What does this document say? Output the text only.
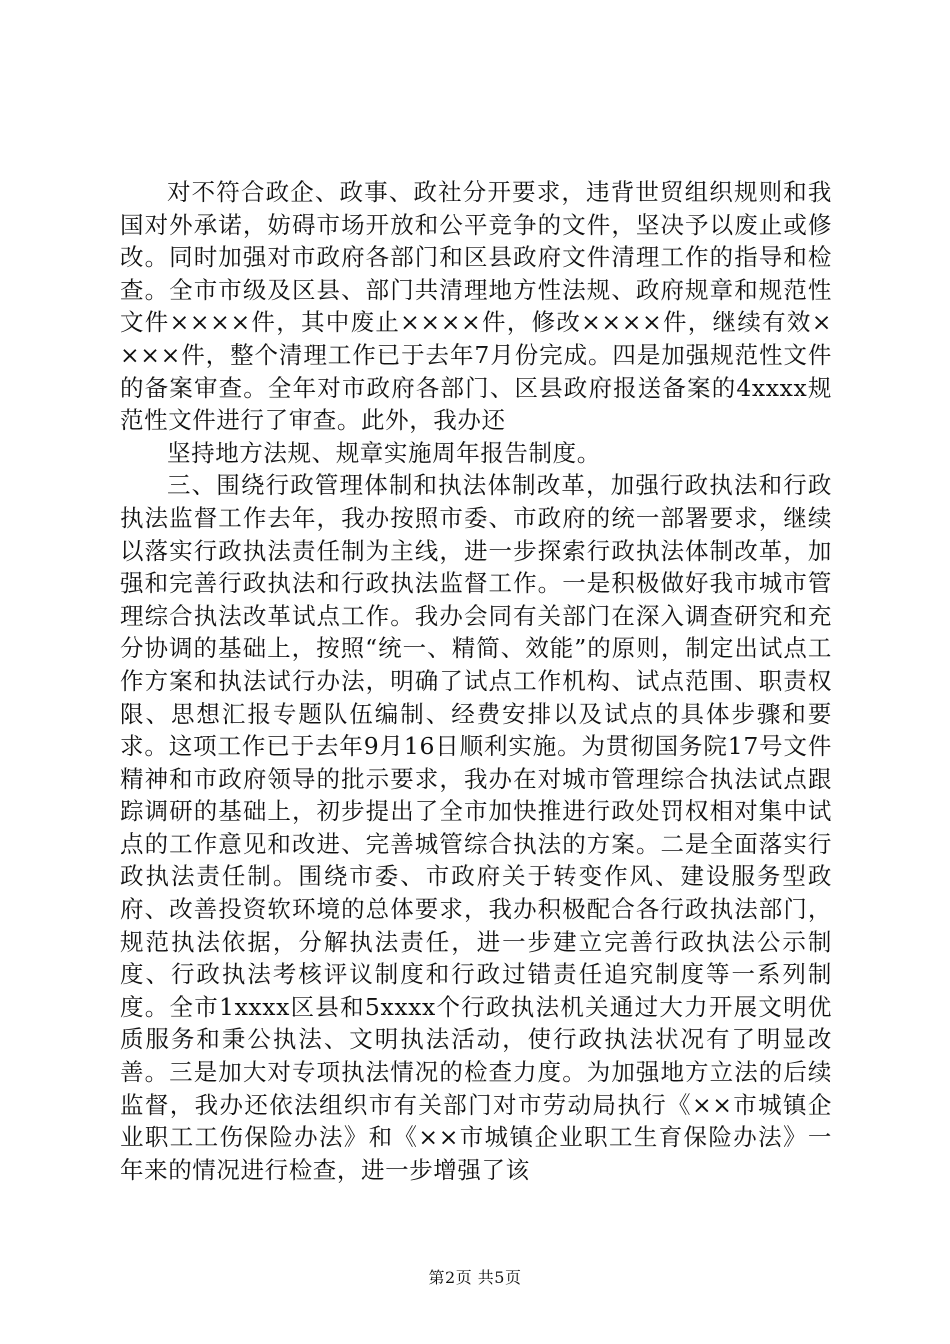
对不符合政企、政事、政社分开要求，违背世贸组织规则和我国对外承诺，妨碍市场开放和公平竞争的文件，坚决予以废止或修改。同时加强对市政府各部门和区县政府文件清理工作的指导和检查。全市市级及区县、部门共清理地方性法规、政府规章和规范性文件××××件，其中废止××××件，修改××××件，继续有效××××件，整个清理工作已于去年7月份完成。四是加强规范性文件的备案审查。全年对市政府各部门、区县政府报送备案的4xxxx规范性文件进行了审查。此外，我办还

坚持地方法规、规章实施周年报告制度。

三、围绕行政管理体制和执法体制改革，加强行政执法和行政执法监督工作去年，我办按照市委、市政府的统一部署要求，继续以落实行政执法责任制为主线，进一步探索行政执法体制改革，加强和完善行政执法和行政执法监督工作。一是积极做好我市城市管理综合执法改革试点工作。我办会同有关部门在深入调查研究和充分协调的基础上，按照“统一、精简、效能”的原则，制定出试点工作方案和执法试行办法，明确了试点工作机构、试点范围、职责权限、思想汇报专题队伍编制、经费安排以及试点的具体步骤和要求。这项工作已于去年9月16日顺利实施。为贯彻国务院17号文件精神和市政府领导的批示要求，我办在对城市管理综合执法试点跟踪调研的基础上，初步提出了全市加快推进行政处罚权相对集中试点的工作意见和改进、完善城管综合执法的方案。二是全面落实行政执法责任制。围绕市委、市政府关于转变作风、建设服务型政府、改善投资软环境的总体要求，我办积极配合各行政执法部门，规范执法依据，分解执法责任，进一步建立完善行政执法公示制度、行政执法考核评议制度和行政过错责任追究制度等一系列制度。全市1xxxx区县和5xxxx个行政执法机关通过大力开展文明优质服务和秉公执法、文明执法活动，使行政执法状况有了明显改善。三是加大对专项执法情况的检查力度。为加强地方立法的后续监督，我办还依法组织市有关部门对市劳动局执行《××市城镇企业职工工伤保险办法》和《××市城镇企业职工生育保险办法》一年来的情况进行检查，进一步增强了该

第2页 共5页
